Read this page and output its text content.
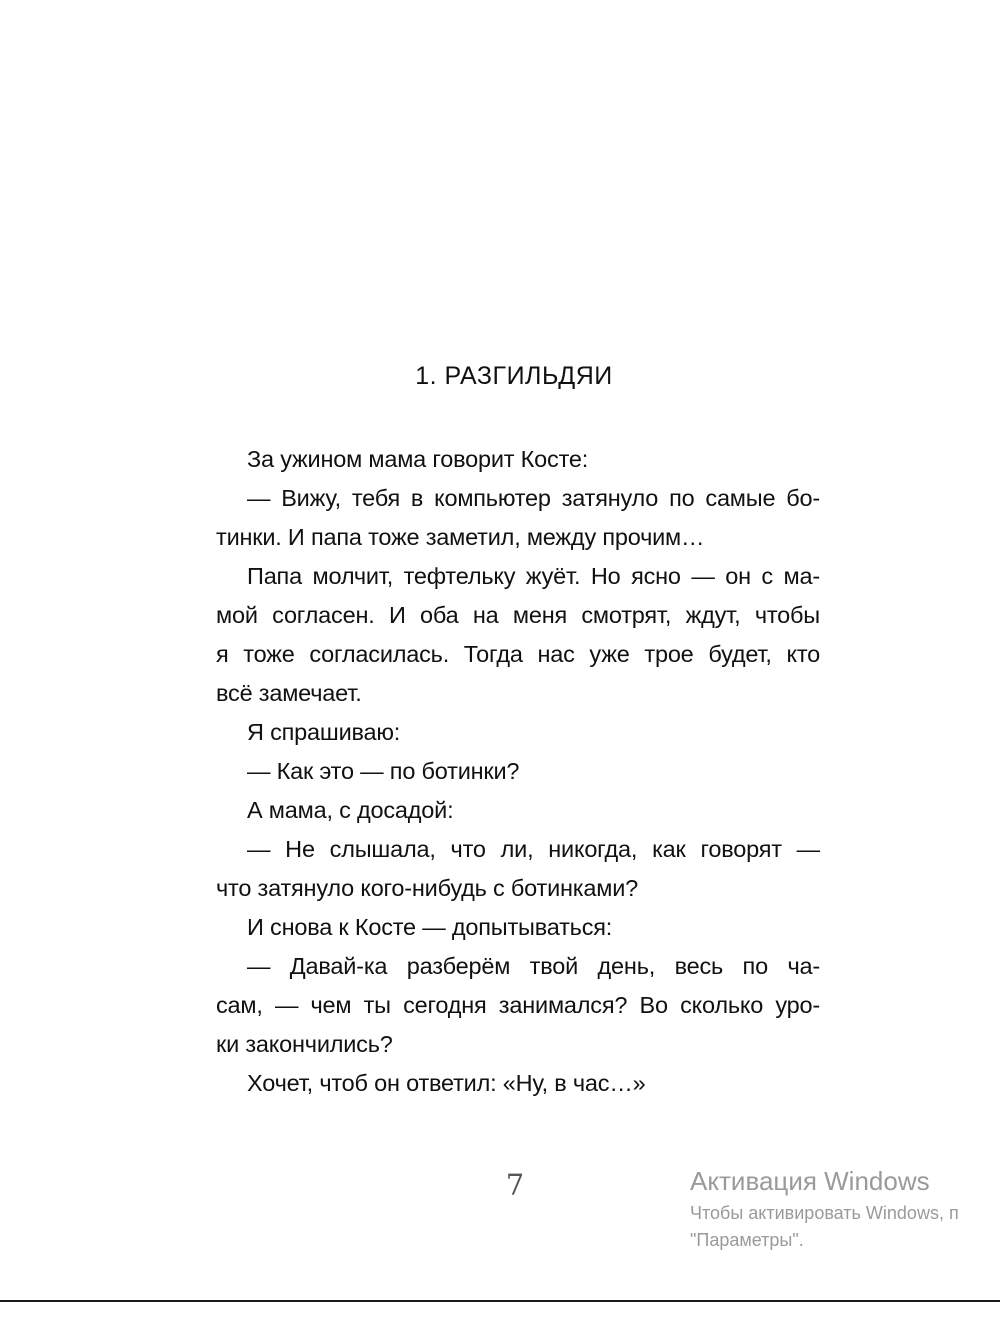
1. РАЗГИЛЬДЯИ
За ужином мама говорит Косте:
— Вижу, тебя в компьютер затянуло по самые бо-
тинки. И папа тоже заметил, между прочим…
Папа молчит, тефтельку жуёт. Но ясно — он с ма-
мой согласен. И оба на меня смотрят, ждут, чтобы
я тоже согласилась. Тогда нас уже трое будет, кто
всё замечает.
Я спрашиваю:
— Как это — по ботинки?
А мама, с досадой:
— Не слышала, что ли, никогда, как говорят —
что затянуло кого-нибудь с ботинками?
И снова к Косте — допытываться:
— Давай-ка разберём твой день, весь по ча-
сам, — чем ты сегодня занимался? Во сколько уро-
ки закончились?
Хочет, чтоб он ответил: «Ну, в час…»
7	Активация Windows
Чтобы активировать Windows, п
"Параметры".
